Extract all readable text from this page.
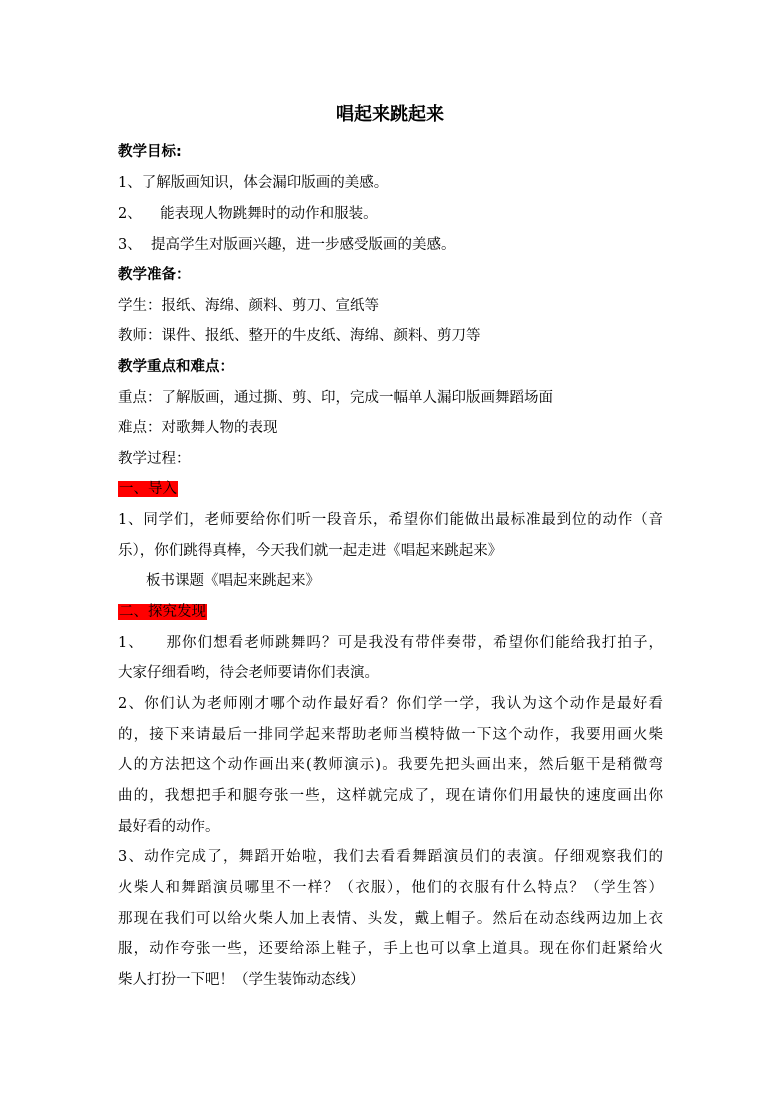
唱起来跳起来
教学目标:
1、了解版画知识，体会漏印版画的美感。
2、    能表现人物跳舞时的动作和服装。
3、  提高学生对版画兴趣，进一步感受版画的美感。
教学准备：
学生：报纸、海绵、颜料、剪刀、宣纸等
教师：课件、报纸、整开的牛皮纸、海绵、颜料、剪刀等
教学重点和难点：
重点：了解版画，通过撕、剪、印，完成一幅单人漏印版画舞蹈场面
难点：对歌舞人物的表现
教学过程：
一、导入
1、同学们，老师要给你们听一段音乐，希望你们能做出最标准最到位的动作（音
乐），你们跳得真棒，今天我们就一起走进《唱起来跳起来》
板书课题《唱起来跳起来》
二、探究发现
1、    那你们想看老师跳舞吗？可是我没有带伴奏带，希望你们能给我打拍子，
大家仔细看哟，待会老师要请你们表演。
2、你们认为老师刚才哪个动作最好看？你们学一学，我认为这个动作是最好看
的，接下来请最后一排同学起来帮助老师当模特做一下这个动作，我要用画火柴
人的方法把这个动作画出来(教师演示)。我要先把头画出来，然后躯干是稍微弯
曲的，我想把手和腿夸张一些，这样就完成了，现在请你们用最快的速度画出你
最好看的动作。
3、动作完成了，舞蹈开始啦，我们去看看舞蹈演员们的表演。仔细观察我们的
火柴人和舞蹈演员哪里不一样？（衣服），他们的衣服有什么特点？（学生答）
那现在我们可以给火柴人加上表情、头发，戴上帽子。然后在动态线两边加上衣
服，动作夸张一些，还要给添上鞋子，手上也可以拿上道具。现在你们赶紧给火
柴人打扮一下吧！（学生装饰动态线）
